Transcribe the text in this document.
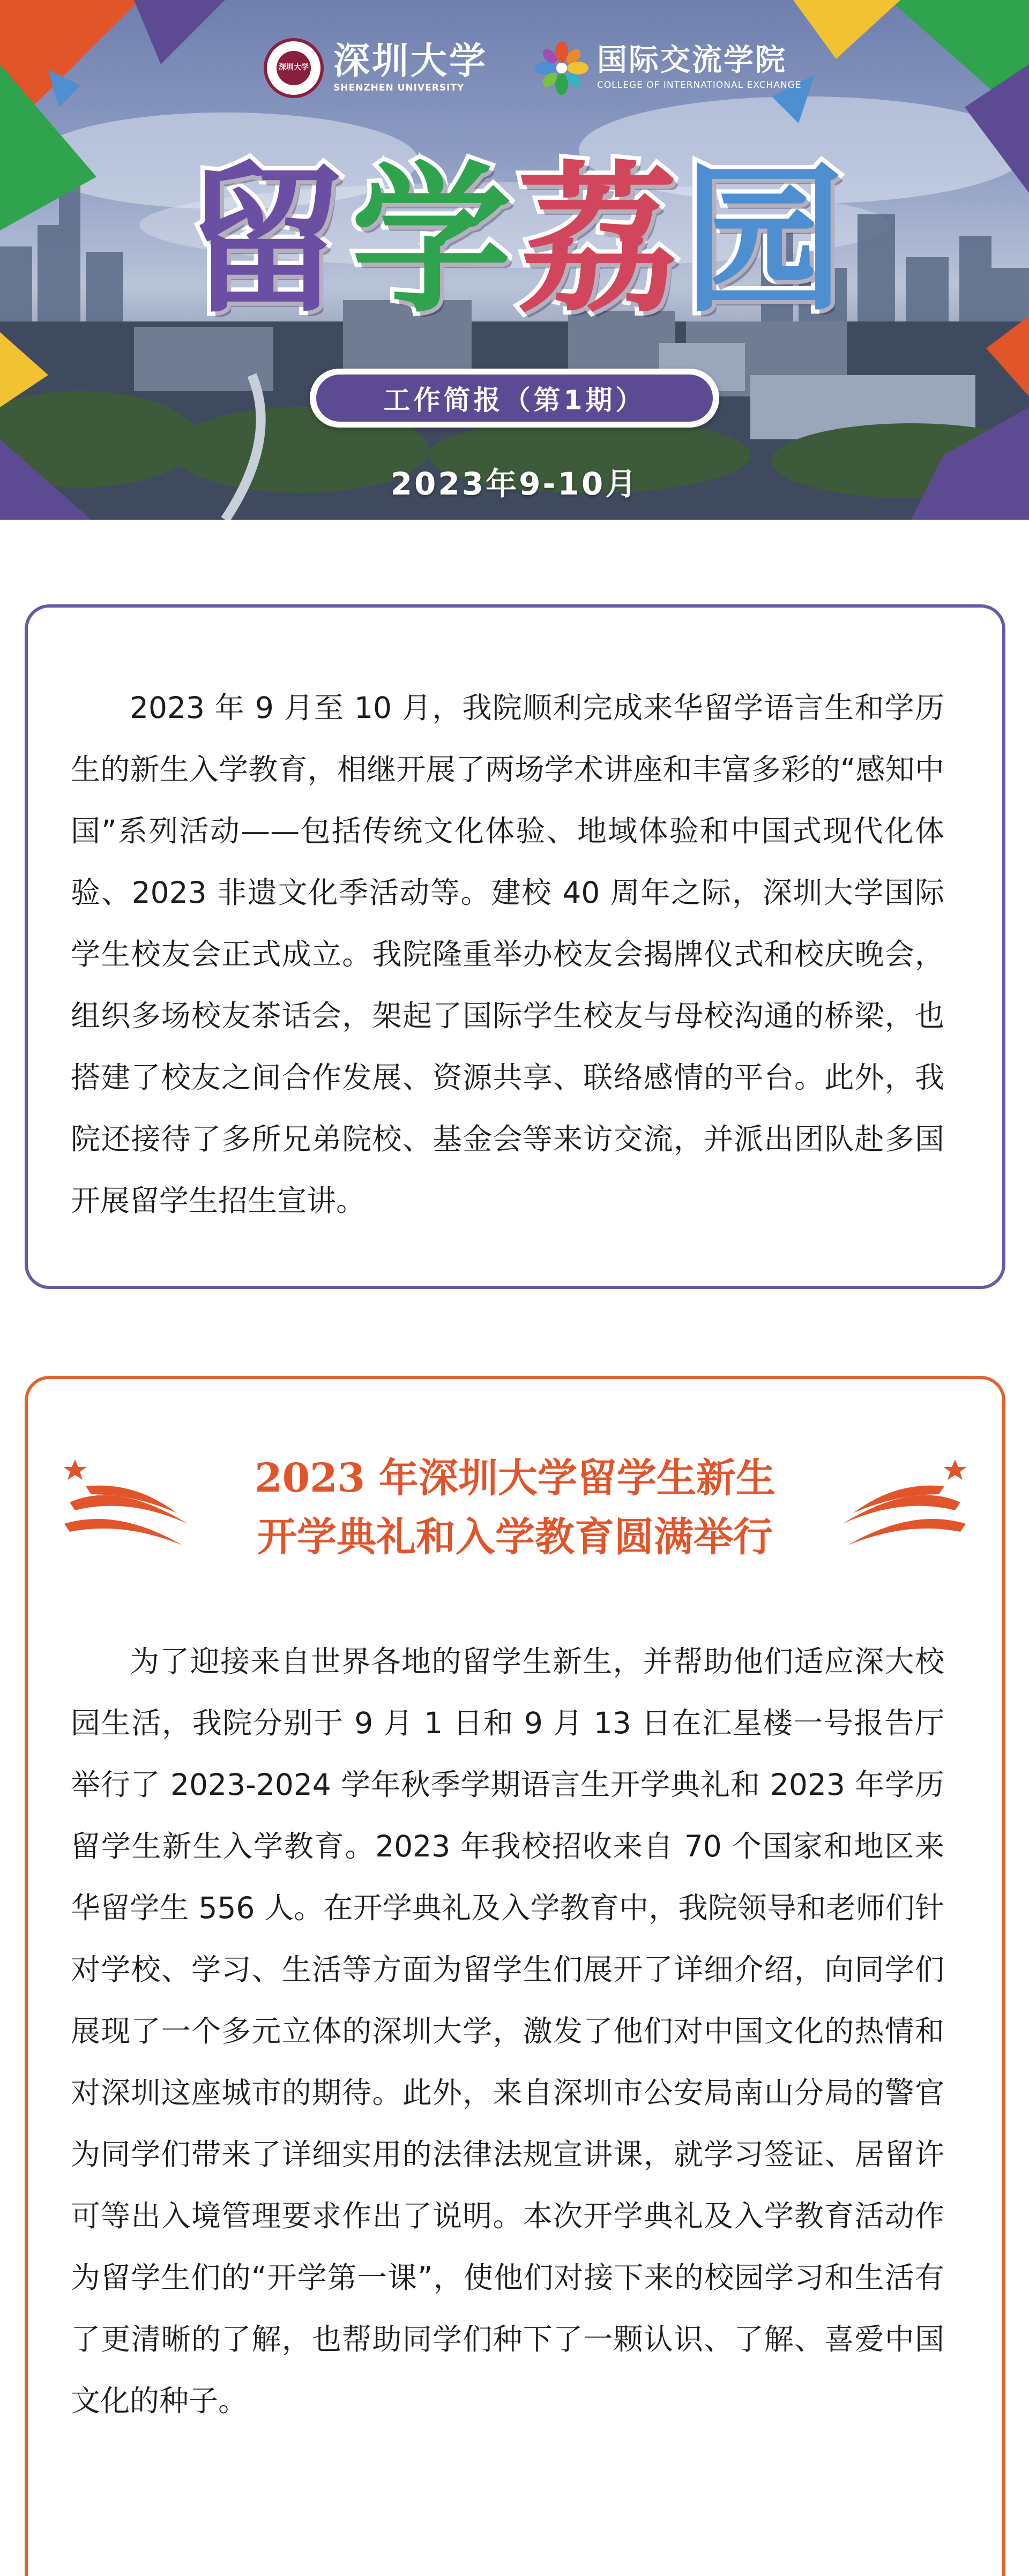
深圳大学 深圳大学
SHENZHEN UNIVERSITY
国际交流学院
COLLEGE OF INTERNATIONAL EXCHANGE
留 学 荔 园
工作简报（第1期）
2023年9-10月

2023 年 9 月至 10 月，我院顺利完成来华留学语言生和学历生的新生入学教育，相继开展了两场学术讲座和丰富多彩的“感知中国”系列活动——包括传统文化体验、地域体验和中国式现代化体验、2023 非遗文化季活动等。建校 40 周年之际，深圳大学国际学生校友会正式成立。我院隆重举办校友会揭牌仪式和校庆晚会，组织多场校友茶话会，架起了国际学生校友与母校沟通的桥梁，也搭建了校友之间合作发展、资源共享、联络感情的平台。此外，我院还接待了多所兄弟院校、基金会等来访交流，并派出团队赴多国开展留学生招生宣讲。

2023 年深圳大学留学生新生
开学典礼和入学教育圆满举行

为了迎接来自世界各地的留学生新生，并帮助他们适应深大校园生活，我院分别于 9 月 1 日和 9 月 13 日在汇星楼一号报告厅举行了 2023-2024 学年秋季学期语言生开学典礼和 2023 年学历留学生新生入学教育。2023 年我校招收来自 70 个国家和地区来华留学生 556 人。在开学典礼及入学教育中，我院领导和老师们针对学校、学习、生活等方面为留学生们展开了详细介绍，向同学们展现了一个多元立体的深圳大学，激发了他们对中国文化的热情和对深圳这座城市的期待。此外，来自深圳市公安局南山分局的警官为同学们带来了详细实用的法律法规宣讲课，就学习签证、居留许可等出入境管理要求作出了说明。本次开学典礼及入学教育活动作为留学生们的“开学第一课”，使他们对接下来的校园学习和生活有了更清晰的了解，也帮助同学们种下了一颗认识、了解、喜爱中国文化的种子。
